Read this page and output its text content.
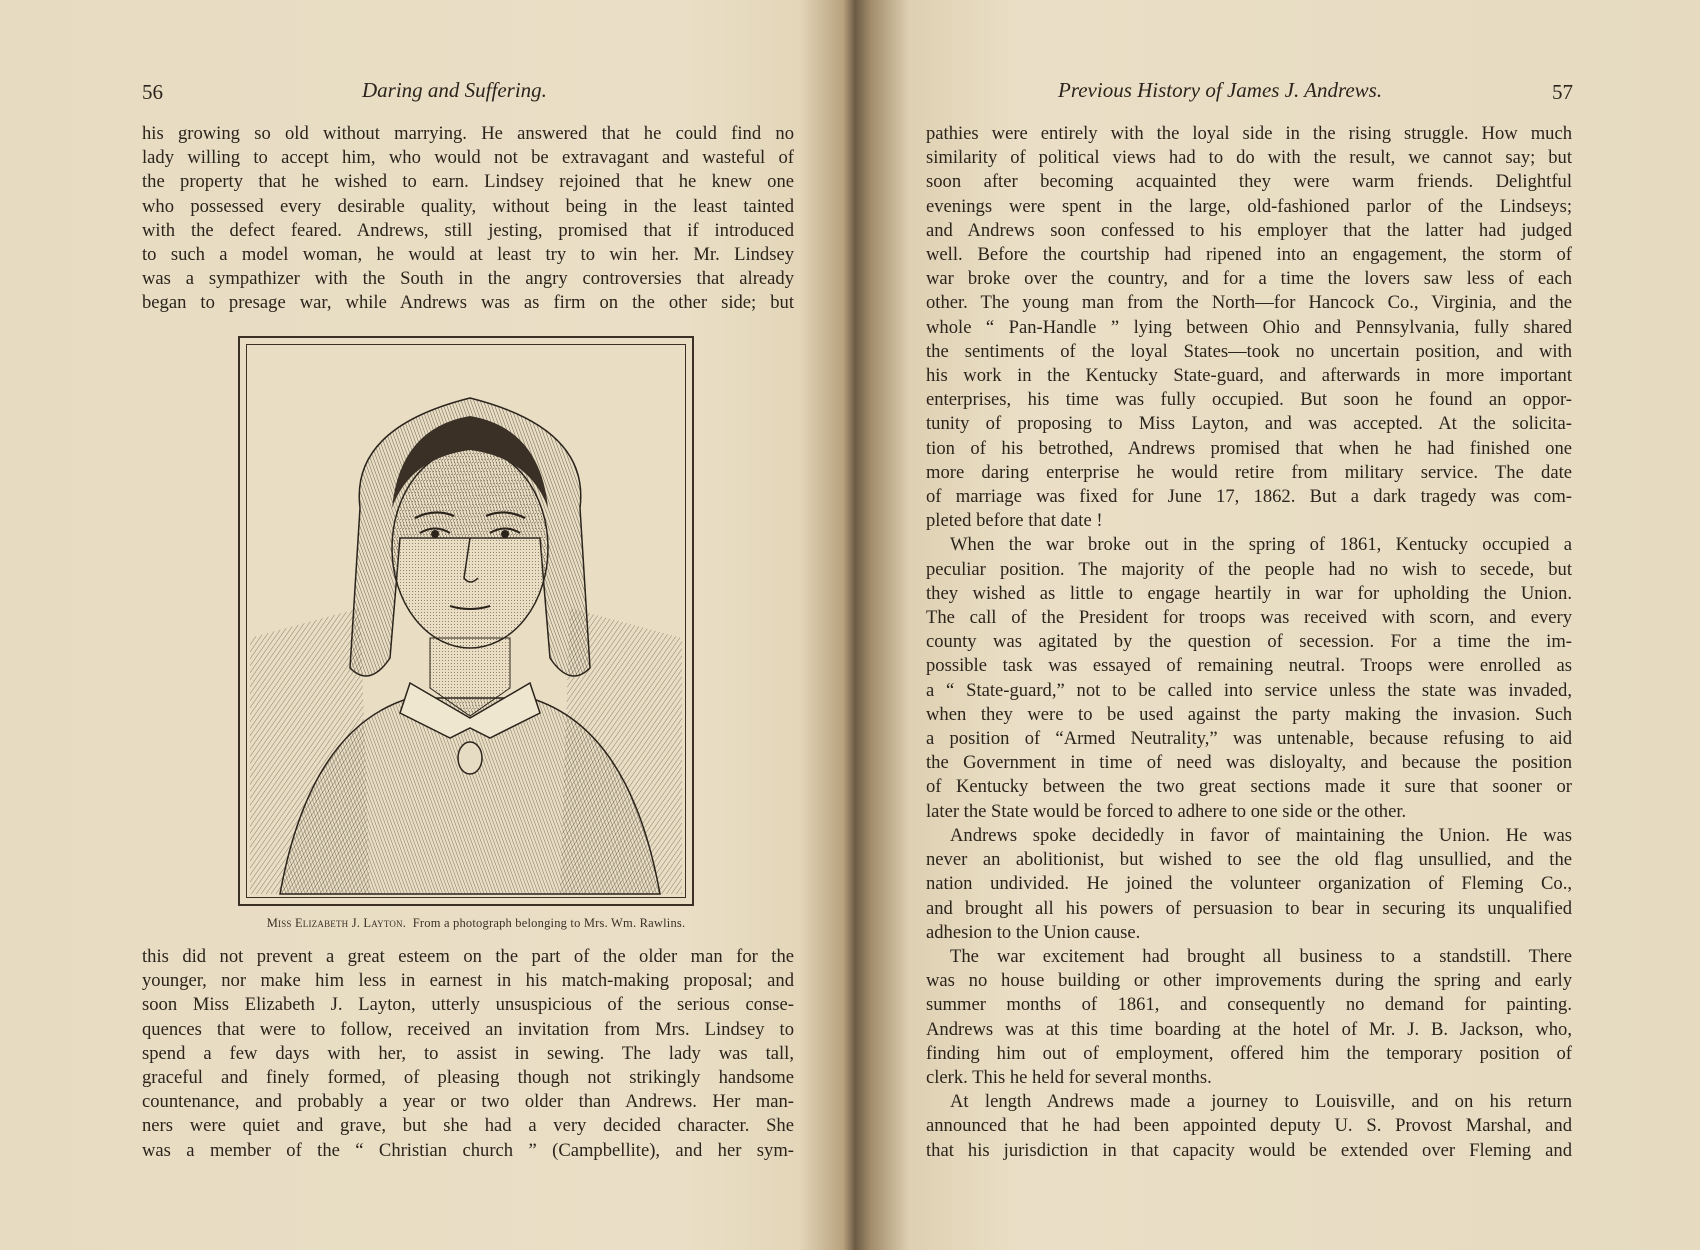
56	Daring and Suffering.
his growing so old without marrying. He answered that he could find no
lady willing to accept him, who would not be extravagant and wasteful of
the property that he wished to earn. Lindsey rejoined that he knew one
who possessed every desirable quality, without being in the least tainted
with the defect feared. Andrews, still jesting, promised that if introduced
to such a model woman, he would at least try to win her. Mr. Lindsey
was a sympathizer with the South in the angry controversies that already
began to presage war, while Andrews was as firm on the other side; but
Miss Elizabeth J. Layton. From a photograph belonging to Mrs. Wm. Rawlins.
this did not prevent a great esteem on the part of the older man for the
younger, nor make him less in earnest in his match-making proposal; and
soon Miss Elizabeth J. Layton, utterly unsuspicious of the serious conse-
quences that were to follow, received an invitation from Mrs. Lindsey to
spend a few days with her, to assist in sewing. The lady was tall,
graceful and finely formed, of pleasing though not strikingly handsome
countenance, and probably a year or two older than Andrews. Her man-
ners were quiet and grave, but she had a very decided character. She
was a member of the “ Christian church ” (Campbellite), and her sym-
Previous History of James J. Andrews.	57
pathies were entirely with the loyal side in the rising struggle. How much
similarity of political views had to do with the result, we cannot say; but
soon after becoming acquainted they were warm friends. Delightful
evenings were spent in the large, old-fashioned parlor of the Lindseys;
and Andrews soon confessed to his employer that the latter had judged
well. Before the courtship had ripened into an engagement, the storm of
war broke over the country, and for a time the lovers saw less of each
other. The young man from the North—for Hancock Co., Virginia, and the
whole “ Pan-Handle ” lying between Ohio and Pennsylvania, fully shared
the sentiments of the loyal States—took no uncertain position, and with
his work in the Kentucky State-guard, and afterwards in more important
enterprises, his time was fully occupied. But soon he found an oppor-
tunity of proposing to Miss Layton, and was accepted. At the solicita-
tion of his betrothed, Andrews promised that when he had finished one
more daring enterprise he would retire from military service. The date
of marriage was fixed for June 17, 1862. But a dark tragedy was com-
pleted before that date !
When the war broke out in the spring of 1861, Kentucky occupied a
peculiar position. The majority of the people had no wish to secede, but
they wished as little to engage heartily in war for upholding the Union.
The call of the President for troops was received with scorn, and every
county was agitated by the question of secession. For a time the im-
possible task was essayed of remaining neutral. Troops were enrolled as
a “ State-guard,” not to be called into service unless the state was invaded,
when they were to be used against the party making the invasion. Such
a position of “Armed Neutrality,” was untenable, because refusing to aid
the Government in time of need was disloyalty, and because the position
of Kentucky between the two great sections made it sure that sooner or
later the State would be forced to adhere to one side or the other.
Andrews spoke decidedly in favor of maintaining the Union. He was
never an abolitionist, but wished to see the old flag unsullied, and the
nation undivided. He joined the volunteer organization of Fleming Co.,
and brought all his powers of persuasion to bear in securing its unqualified
adhesion to the Union cause.
The war excitement had brought all business to a standstill. There
was no house building or other improvements during the spring and early
summer months of 1861, and consequently no demand for painting.
Andrews was at this time boarding at the hotel of Mr. J. B. Jackson, who,
finding him out of employment, offered him the temporary position of
clerk. This he held for several months.
At length Andrews made a journey to Louisville, and on his return
announced that he had been appointed deputy U. S. Provost Marshal, and
that his jurisdiction in that capacity would be extended over Fleming and
